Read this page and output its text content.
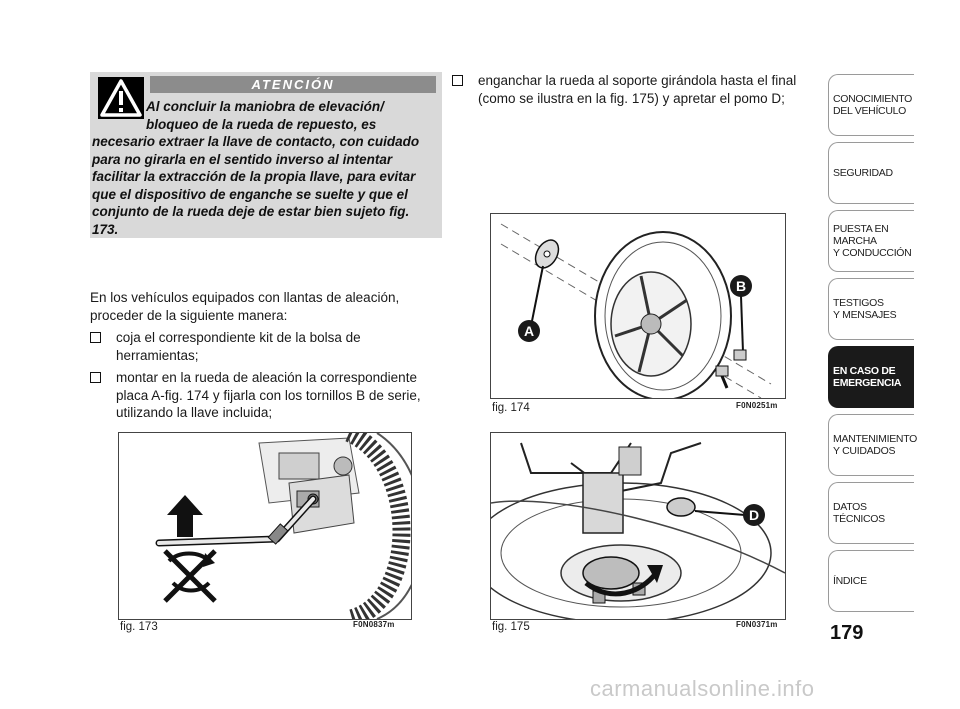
ATENCIÓN
Al concluir la maniobra de elevación/
bloqueo de la rueda de repuesto, es
necesario extraer la llave de contacto, con cuidado para no girarla en el sentido inverso al intentar facilitar la extracción de la propia llave, para evitar que el dispositivo de enganche se suelte y que el conjunto de la rueda deje de estar bien sujeto fig. 173.
En los vehículos equipados con llantas de aleación, proceder de la siguiente manera:

coja el correspondiente kit de la bolsa de herramientas;

montar en la rueda de aleación la correspondiente placa A-fig. 174 y fijarla con los tornillos B de serie, utilizando la llave incluida;

enganchar la rueda al soporte girándola hasta el final (como se ilustra en la fig. 175) y apretar el pomo D;

fig. 173	F0N0837m
A
B
fig. 174	F0N0251m
D
fig. 175	F0N0371m
CONOCIMIENTO
DEL VEHÍCULO
SEGURIDAD
PUESTA EN
MARCHA
Y CONDUCCIÓN
TESTIGOS
Y MENSAJES
EN CASO DE
EMERGENCIA
MANTENIMIENTO
Y CUIDADOS
DATOS
TÉCNICOS
ÍNDICE
179
carmanualsonline.info
